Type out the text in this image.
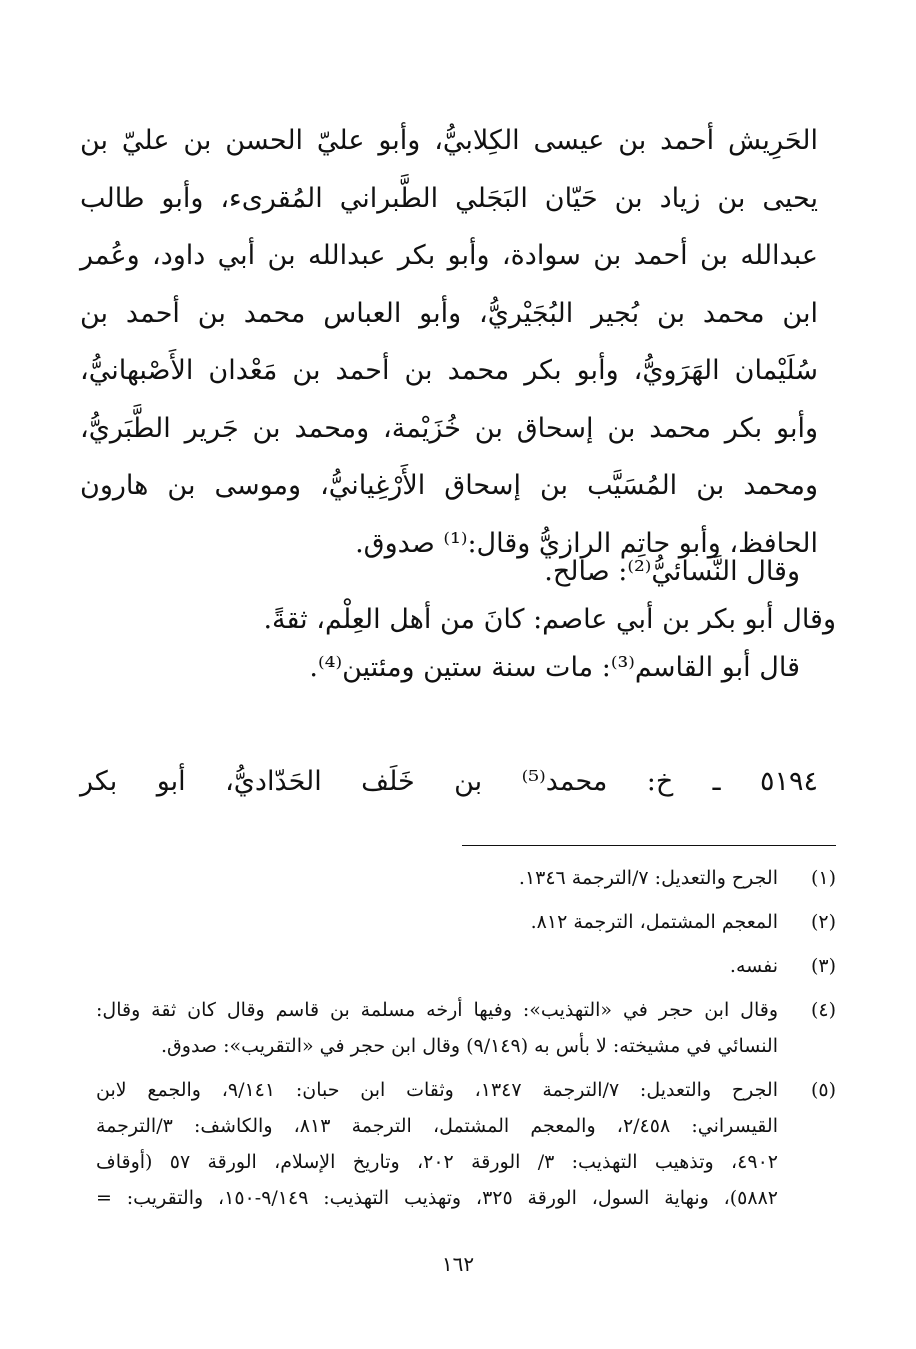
الحَرِيش أحمد بن عيسى الكِلابيُّ، وأبو عليّ الحسن بن عليّ بن
يحيى بن زياد بن حَيّان البَجَلي الطَّبراني المُقرىء، وأبو طالب
عبدالله بن أحمد بن سوادة، وأبو بكر عبدالله بن أبي داود، وعُمر
ابن محمد بن بُجير البُجَيْريُّ، وأبو العباس محمد بن أحمد بن
سُلَيْمان الهَرَويُّ، وأبو بكر محمد بن أحمد بن مَعْدان الأَصْبهانيُّ،
وأبو بكر محمد بن إسحاق بن خُزَيْمة، ومحمد بن جَرير الطَّبَريُّ،
ومحمد بن المُسَيَّب بن إسحاق الأَرْغِيانيُّ، وموسى بن هارون
الحافظ، وأبو حاتِم الرازيُّ وقال:⁽¹⁾ صدوق.
وقال النَّسائيُّ⁽²⁾: صالح.
وقال أبو بكر بن أبي عاصم: كانَ من أهل العِلْم، ثقةً.
قال أبو القاسم⁽³⁾: مات سنة ستين ومئتين⁽⁴⁾.
٥١٩٤ ـ خ: محمد⁽⁵⁾ بن خَلَف الحَدّاديُّ، أبو بكر
(١)
الجرح والتعديل: ٧/الترجمة ١٣٤٦.
(٢)
المعجم المشتمل، الترجمة ٨١٢.
(٣)
نفسه.
(٤)
وقال ابن حجر في «التهذيب»: وفيها أرخه مسلمة بن قاسم وقال كان ثقة وقال:
النسائي في مشيخته: لا بأس به (٩/١٤٩) وقال ابن حجر في «التقريب»: صدوق.
(٥)
الجرح والتعديل: ٧/الترجمة ١٣٤٧، وثقات ابن حبان: ٩/١٤١، والجمع لابن
القيسراني: ٢/٤٥٨، والمعجم المشتمل، الترجمة ٨١٣، والكاشف: ٣/الترجمة
٤٩٠٢، وتذهيب التهذيب: ٣/ الورقة ٢٠٢، وتاريخ الإسلام، الورقة ٥٧ (أوقاف
٥٨٨٢)، ونهاية السول، الورقة ٣٢٥، وتهذيب التهذيب: ٩/١٤٩-١٥٠، والتقريب: =
١٦٢
